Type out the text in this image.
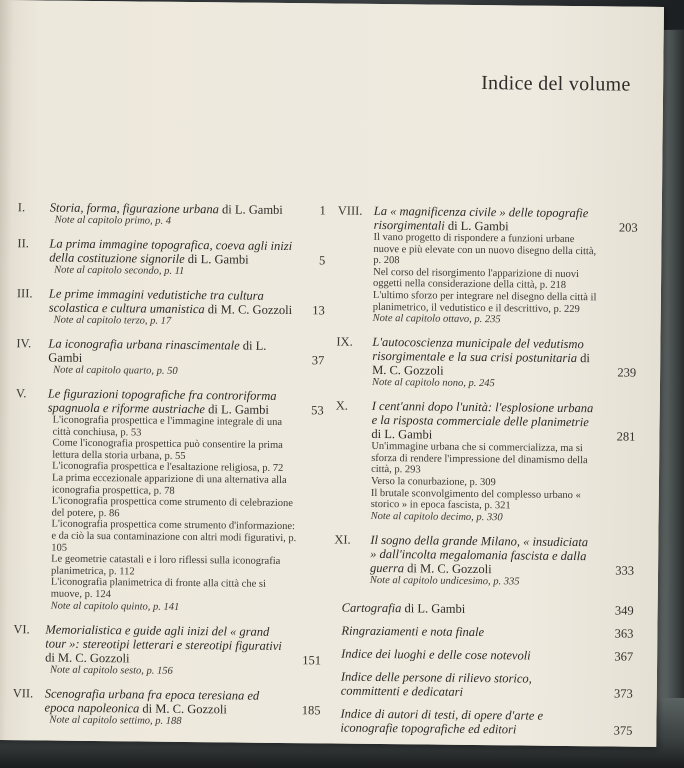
Indice del volume
I. Storia, forma, figurazione urbana di L. Gambi	1
Note al capitolo primo, p. 4
II. La prima immagine topografica, coeva agli inizi della costituzione signorile di L. Gambi	5
Note al capitolo secondo, p. 11
III. Le prime immagini vedutistiche tra cultura scolastica e cultura umanistica di M. C. Gozzoli 13
Note al capitolo terzo, p. 17
IV. La iconografia urbana rinascimentale di L. Gambi	37
Note al capitolo quarto, p. 50
V. Le figurazioni topografiche fra controriforma spagnuola e riforme austriache di L. Gambi	53
L'iconografia prospettica e l'immagine integrale di una città conchiusa, p. 53
Come l'iconografia prospettica può consentire la prima lettura della storia urbana, p. 55
L'iconografia prospettica e l'esaltazione religiosa, p. 72
La prima eccezionale apparizione di una alternativa alla iconografia prospettica, p. 78
L'iconografia prospettica come strumento di celebrazione del potere, p. 86
L'iconografia prospettica come strumento d'informazione: e da ciò la sua contaminazione con altri modi figurativi, p. 105
Le geometrie catastali e i loro riflessi sulla iconografia planimetrica, p. 112
L'iconografia planimetrica di fronte alla città che si muove, p. 124
Note al capitolo quinto, p. 141
VI. Memorialistica e guide agli inizi del « grand tour »: stereotipi letterari e stereotipi figurativi di M. C. Gozzoli	151
Note al capitolo sesto, p. 156
VII. Scenografia urbana fra epoca teresiana ed epoca napoleonica di M. C. Gozzoli	185
Note al capitolo settimo, p. 188
VIII. La « magnificenza civile » delle topografie risorgimentali di L. Gambi	203
Il vano progetto di rispondere a funzioni urbane nuove e più elevate con un nuovo disegno della città, p. 208
Nel corso del risorgimento l'apparizione di nuovi oggetti nella considerazione della città, p. 218
L'ultimo sforzo per integrare nel disegno della città il planimetrico, il vedutistico e il descrittivo, p. 229
Note al capitolo ottavo, p. 235
IX. L'autocoscienza municipale del vedutismo risorgimentale e la sua crisi postunitaria di M. C. Gozzoli	239
Note al capitolo nono, p. 245
X. I cent'anni dopo l'unità: l'esplosione urbana e la risposta commerciale delle planimetrie di L. Gambi	281
Un'immagine urbana che si commercializza, ma si sforza di rendere l'impressione del dinamismo della città, p. 293
Verso la conurbazione, p. 309
Il brutale sconvolgimento del complesso urbano « storico » in epoca fascista, p. 321
Note al capitolo decimo, p. 330
XI. Il sogno della grande Milano, « insudiciata » dall'incolta megalomania fascista e dalla guerra di M. C. Gozzoli	333
Note al capitolo undicesimo, p. 335
Cartografia di L. Gambi	349
Ringraziamenti e nota finale	363
Indice dei luoghi e delle cose notevoli	367
Indice delle persone di rilievo storico, committenti e dedicatari	373
Indice di autori di testi, di opere d'arte e iconografie topografiche ed editori	375
